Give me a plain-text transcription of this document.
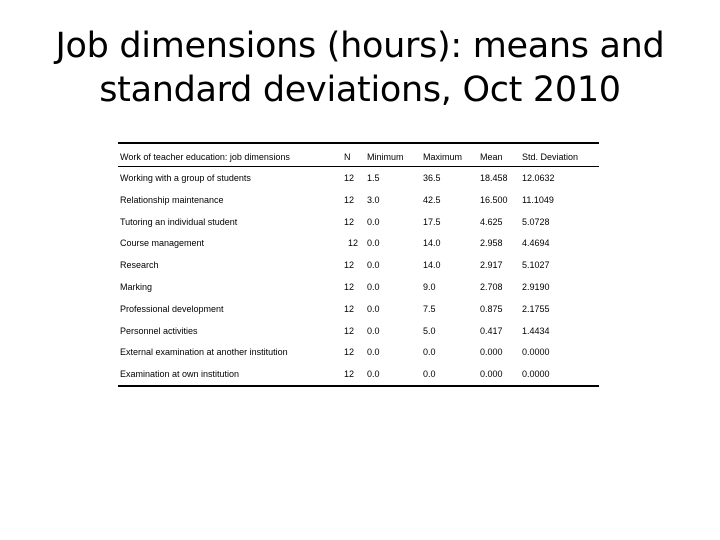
Job dimensions (hours): means and
standard deviations, Oct 2010
Work of teacher education: job dimensions	N Minimum Maximum Mean Std. Deviation
Working with a group of students	12 1.5	36.5	18.458 12.0632
Relationship maintenance	12 3.0	42.5	16.500 11.1049
Tutoring an individual student	12 0.0	17.5	4.625 5.0728
Course management	12 0.0	14.0	2.958 4.4694
Research	12 0.0	14.0	2.917 5.1027
Marking	12 0.0	9.0	2.708 2.9190
Professional development	12 0.0	7.5	0.875 2.1755
Personnel activities	12 0.0	5.0	0.417 1.4434
External examination at another institution	12 0.0	0.0	0.000 0.0000
Examination at own institution	12 0.0	0.0	0.000 0.0000
